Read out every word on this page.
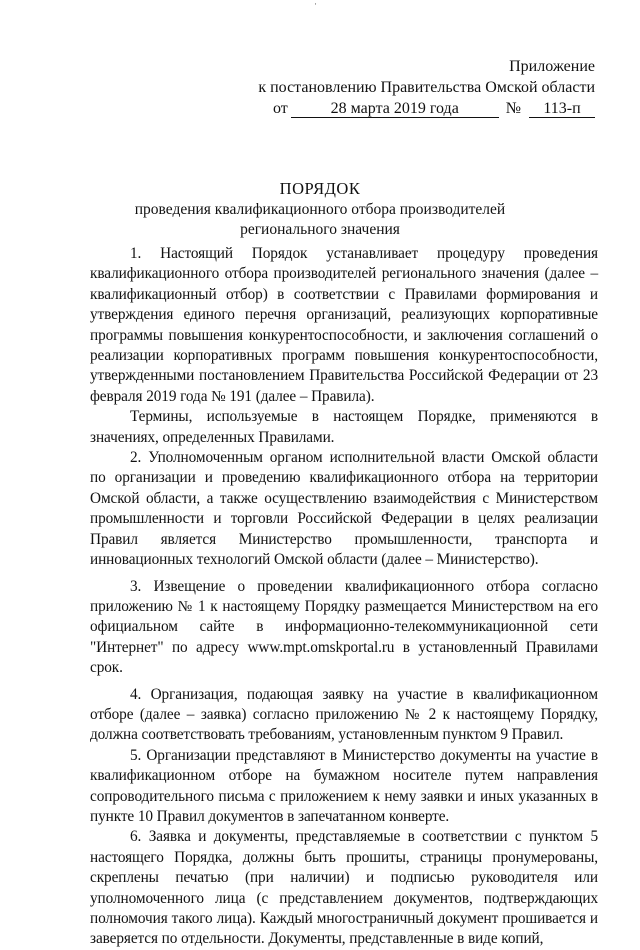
·
Приложение
к постановлению Правительства Омской области
от	28 марта 2019 года	№	113-п
ПОРЯДОК
проведения квалификационного отбора производителей
регионального значения

1. Настоящий Порядок устанавливает процедуру проведения квалификационного отбора производителей регионального значения (далее – квалификационный отбор) в соответствии с Правилами формирования и утверждения единого перечня организаций, реализующих корпоративные программы повышения конкурентоспособности, и заключения соглашений о реализации корпоративных программ повышения конкурентоспособности, утвержденными постановлением Правительства Российской Федерации от 23 февраля 2019 года № 191 (далее – Правила).

Термины, используемые в настоящем Порядке, применяются в значениях, определенных Правилами.

2. Уполномоченным органом исполнительной власти Омской области по организации и проведению квалификационного отбора на территории Омской области, а также осуществлению взаимодействия с Министерством промышленности и торговли Российской Федерации в целях реализации Правил является Министерство промышленности, транспорта и инновационных технологий Омской области (далее – Министерство).

3. Извещение о проведении квалификационного отбора согласно приложению № 1 к настоящему Порядку размещается Министерством на его официальном сайте в информационно-телекоммуникационной сети "Интернет" по адресу www.mpt.omskportal.ru в установленный Правилами срок.

4. Организация, подающая заявку на участие в квалификационном отборе (далее – заявка) согласно приложению № 2 к настоящему Порядку, должна соответствовать требованиям, установленным пунктом 9 Правил.

5. Организации представляют в Министерство документы на участие в квалификационном отборе на бумажном носителе путем направления сопроводительного письма с приложением к нему заявки и иных указанных в пункте 10 Правил документов в запечатанном конверте.

6. Заявка и документы, представляемые в соответствии с пунктом 5 настоящего Порядка, должны быть прошиты, страницы пронумерованы, скреплены печатью (при наличии) и подписью руководителя или уполномоченного лица (с представлением документов, подтверждающих полномочия такого лица). Каждый многостраничный документ прошивается и заверяется по отдельности. Документы, представленные в виде копий,
